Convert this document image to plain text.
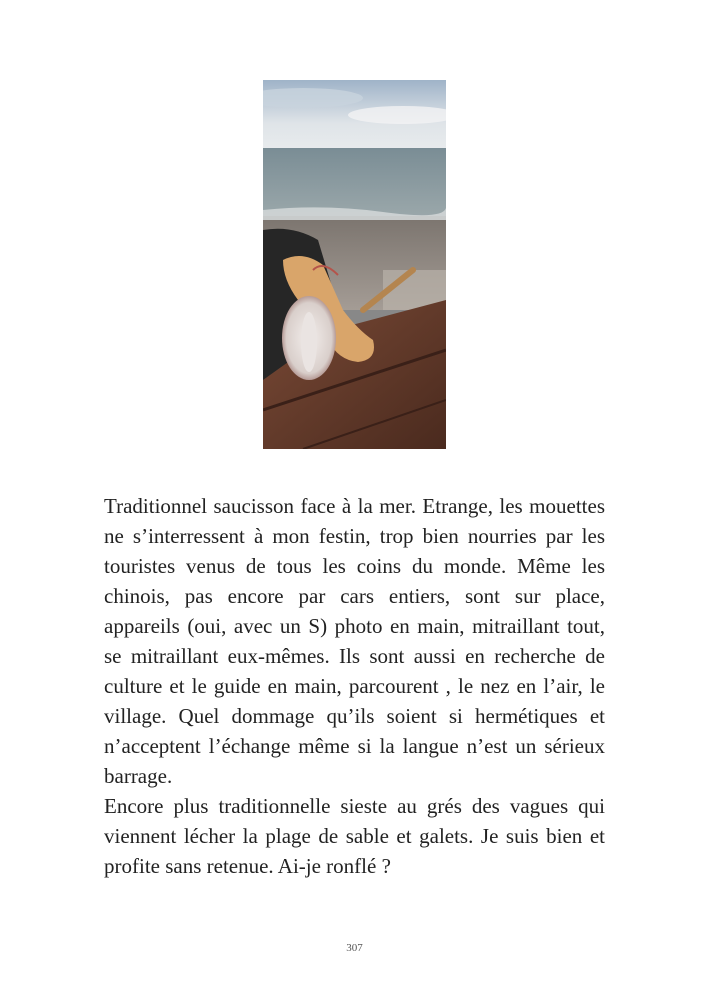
Traditionnel saucisson face à la mer. Etrange, les mouettes ne s’interressent à mon festin, trop bien nourries par les touristes venus de tous les coins du monde. Même les chinois, pas encore par cars entiers, sont sur place, appareils (oui, avec un S) photo en main, mitraillant tout, se mitraillant eux-mêmes. Ils sont aussi en recherche de culture et le guide en main, parcourent , le nez en l’air, le village. Quel dommage qu’ils soient si hermétiques et n’acceptent l’échange même si la langue n’est un sérieux barrage.

Encore plus traditionnelle sieste au grés des vagues qui viennent lécher la plage de sable et galets. Je suis bien et profite sans retenue. Ai-je ronflé ?

307
